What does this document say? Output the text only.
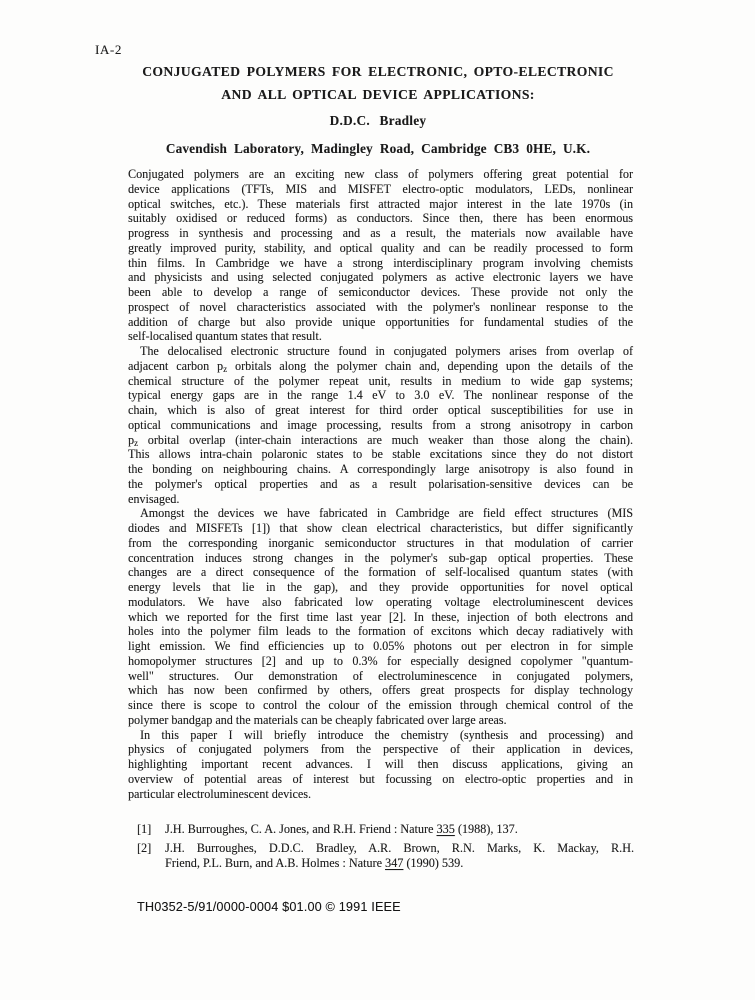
IA-2
CONJUGATED POLYMERS FOR ELECTRONIC, OPTO-ELECTRONIC
AND ALL OPTICAL DEVICE APPLICATIONS:
D.D.C. Bradley
Cavendish Laboratory, Madingley Road, Cambridge CB3 0HE, U.K.
Conjugated polymers are an exciting new class of polymers offering great potential for
device applications (TFTs, MIS and MISFET electro-optic modulators, LEDs, nonlinear
optical switches, etc.). These materials first attracted major interest in the late 1970s (in
suitably oxidised or reduced forms) as conductors. Since then, there has been enormous
progress in synthesis and processing and as a result, the materials now available have
greatly improved purity, stability, and optical quality and can be readily processed to form
thin films. In Cambridge we have a strong interdisciplinary program involving chemists
and physicists and using selected conjugated polymers as active electronic layers we have
been able to develop a range of semiconductor devices. These provide not only the
prospect of novel characteristics associated with the polymer's nonlinear response to the
addition of charge but also provide unique opportunities for fundamental studies of the
self-localised quantum states that result.
The delocalised electronic structure found in conjugated polymers arises from overlap of
adjacent carbon $p_z$ orbitals along the polymer chain and, depending upon the details of the
chemical structure of the polymer repeat unit, results in medium to wide gap systems;
typical energy gaps are in the range 1.4 eV to 3.0 eV. The nonlinear response of the
chain, which is also of great interest for third order optical susceptibilities for use in
optical communications and image processing, results from a strong anisotropy in carbon
$p_z$ orbital overlap (inter-chain interactions are much weaker than those along the chain).
This allows intra-chain polaronic states to be stable excitations since they do not distort
the bonding on neighbouring chains. A correspondingly large anisotropy is also found in
the polymer's optical properties and as a result polarisation-sensitive devices can be
envisaged.
Amongst the devices we have fabricated in Cambridge are field effect structures (MIS
diodes and MISFETs [1]) that show clean electrical characteristics, but differ significantly
from the corresponding inorganic semiconductor structures in that modulation of carrier
concentration induces strong changes in the polymer's sub-gap optical properties. These
changes are a direct consequence of the formation of self-localised quantum states (with
energy levels that lie in the gap), and they provide opportunities for novel optical
modulators. We have also fabricated low operating voltage electroluminescent devices
which we reported for the first time last year [2]. In these, injection of both electrons and
holes into the polymer film leads to the formation of excitons which decay radiatively with
light emission. We find efficiencies up to 0.05% photons out per electron in for simple
homopolymer structures [2] and up to 0.3% for especially designed copolymer "quantum-
well" structures. Our demonstration of electroluminescence in conjugated polymers,
which has now been confirmed by others, offers great prospects for display technology
since there is scope to control the colour of the emission through chemical control of the
polymer bandgap and the materials can be cheaply fabricated over large areas.
In this paper I will briefly introduce the chemistry (synthesis and processing) and
physics of conjugated polymers from the perspective of their application in devices,
highlighting important recent advances. I will then discuss applications, giving an
overview of potential areas of interest but focussing on electro-optic properties and in
particular electroluminescent devices.
[1] J.H. Burroughes, C. A. Jones, and R.H. Friend : Nature 335 (1988), 137.
[2] J.H. Burroughes, D.D.C. Bradley, A.R. Brown, R.N. Marks, K. Mackay, R.H.
Friend, P.L. Burn, and A.B. Holmes : Nature 347 (1990) 539.
TH0352-5/91/0000-0004 $01.00 © 1991 IEEE
